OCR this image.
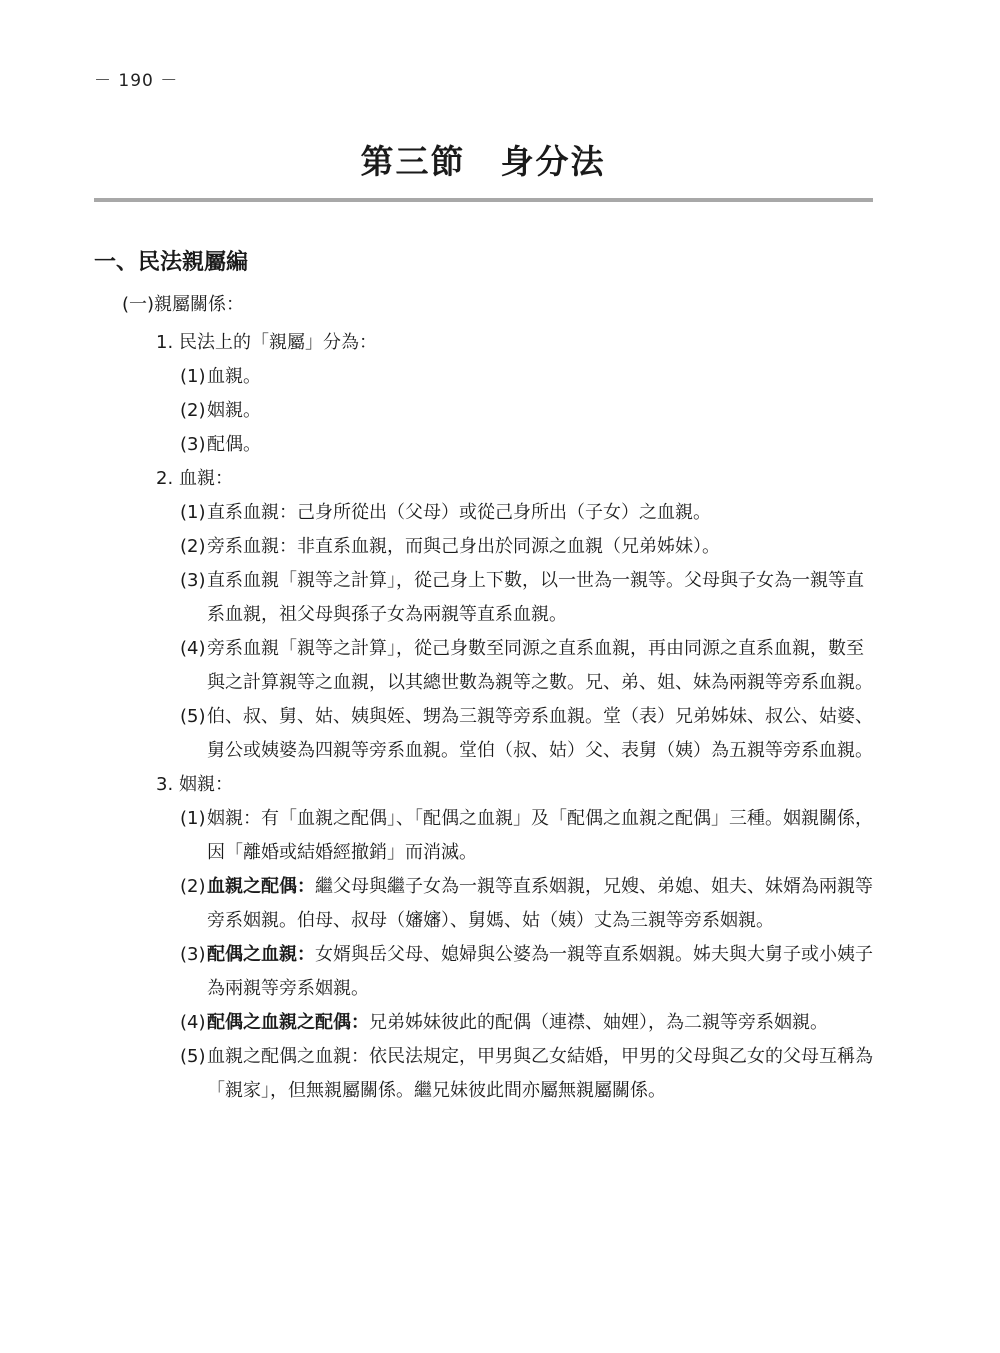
－ 190 －
第三節　身分法
一、民法親屬編
(一)親屬關係：
1. 民法上的「親屬」分為：
(1) 血親。
(2) 姻親。
(3) 配偶。
2. 血親：
(1) 直系血親：己身所從出（父母）或從己身所出（子女）之血親。
(2) 旁系血親：非直系血親，而與己身出於同源之血親（兄弟姊妹）。
(3) 直系血親「親等之計算」，從己身上下數，以一世為一親等。父母與子女為一親等直系血親，祖父母與孫子女為兩親等直系血親。
(4) 旁系血親「親等之計算」，從己身數至同源之直系血親，再由同源之直系血親，數至與之計算親等之血親，以其總世數為親等之數。兄、弟、姐、妹為兩親等旁系血親。
(5) 伯、叔、舅、姑、姨與姪、甥為三親等旁系血親。堂（表）兄弟姊妹、叔公、姑婆、舅公或姨婆為四親等旁系血親。堂伯（叔、姑）父、表舅（姨）為五親等旁系血親。
3. 姻親：
(1) 姻親：有「血親之配偶」、「配偶之血親」及「配偶之血親之配偶」三種。姻親關係，因「離婚或結婚經撤銷」而消滅。
(2) 血親之配偶：繼父母與繼子女為一親等直系姻親，兄嫂、弟媳、姐夫、妹婿為兩親等旁系姻親。伯母、叔母（嬸嬸）、舅媽、姑（姨）丈為三親等旁系姻親。
(3) 配偶之血親：女婿與岳父母、媳婦與公婆為一親等直系姻親。姊夫與大舅子或小姨子為兩親等旁系姻親。
(4) 配偶之血親之配偶：兄弟姊妹彼此的配偶（連襟、妯娌），為二親等旁系姻親。
(5) 血親之配偶之血親：依民法規定，甲男與乙女結婚，甲男的父母與乙女的父母互稱為「親家」，但無親屬關係。繼兄妹彼此間亦屬無親屬關係。
